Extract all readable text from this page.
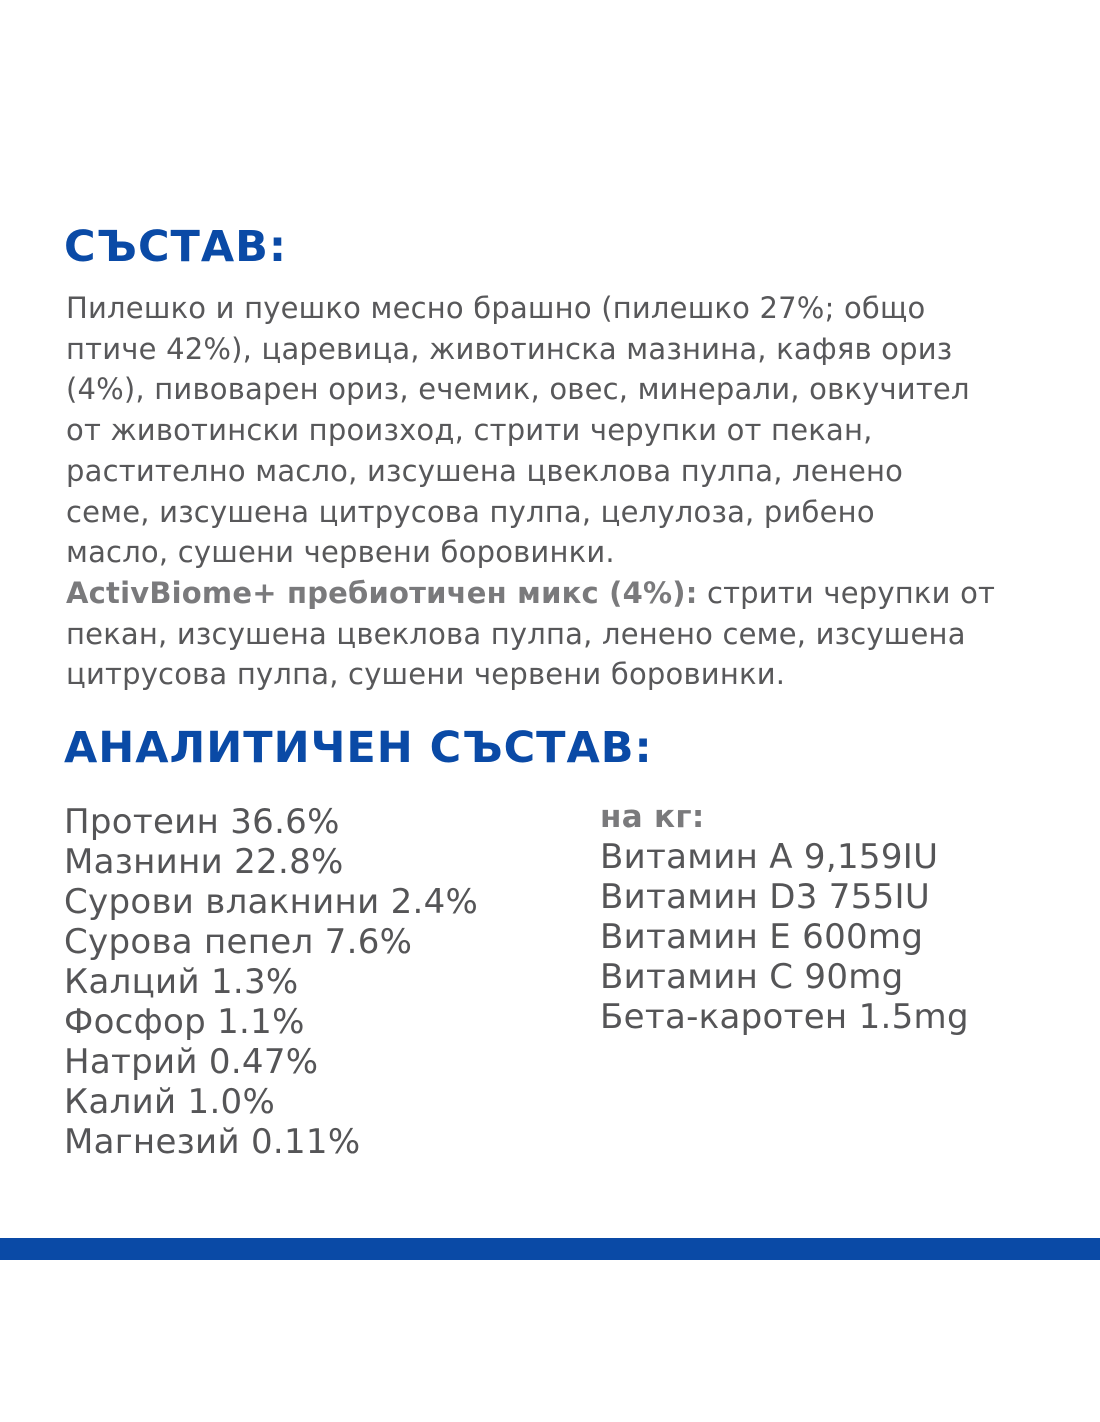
СЪСТАВ:
Пилешко и пуешко месно брашно (пилешко 27%; общо
птиче 42%), царевица, животинска мазнина, кафяв ориз
(4%), пивоварен ориз, ечемик, овес, минерали, овкучител
от животински произход, стрити черупки от пекан,
растително масло, изсушена цвеклова пулпа, ленено
семе, изсушена цитрусова пулпа, целулоза, рибено
масло, сушени червени боровинки.
ActivBiome+ пребиотичен микс (4%): стрити черупки от
пекан, изсушена цвеклова пулпа, ленено семе, изсушена
цитрусова пулпа, сушени червени боровинки.
АНАЛИТИЧЕН СЪСТАВ:
Протеин 36.6%
Мазнини 22.8%
Сурови влакнини 2.4%
Сурова пепел 7.6%
Калций 1.3%
Фосфор 1.1%
Натрий 0.47%
Калий 1.0%
Магнезий 0.11%
на кг:
Витамин А 9,159IU
Витамин D3 755IU
Витамин Е 600mg
Витамин С 90mg
Бета-каротен 1.5mg
